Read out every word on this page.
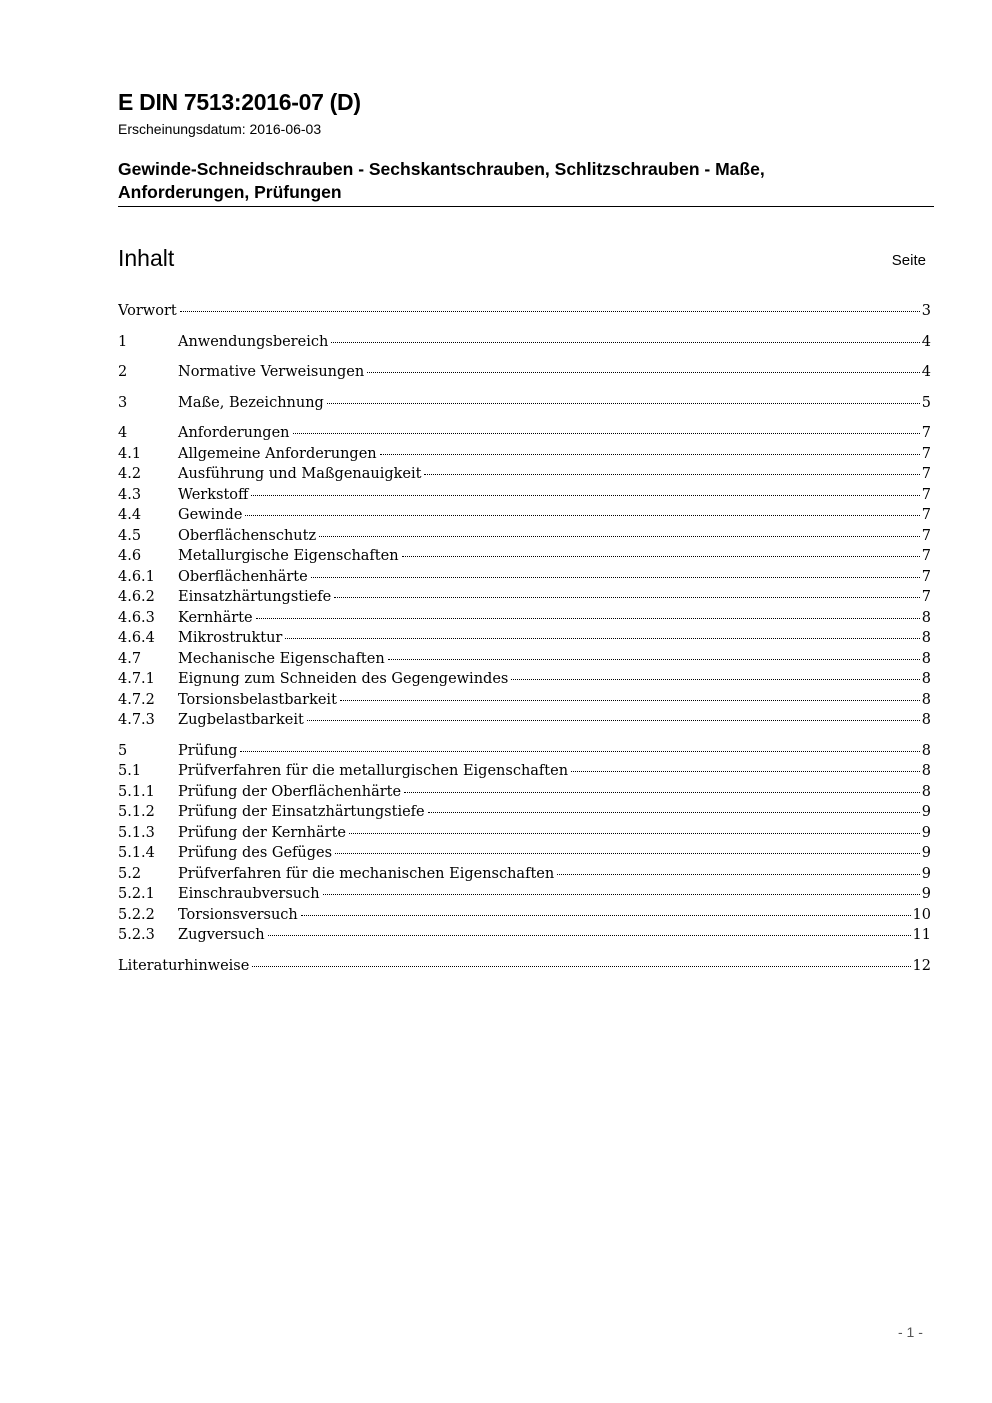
E DIN 7513:2016-07 (D)
Erscheinungsdatum: 2016-06-03
Gewinde-Schneidschrauben - Sechskantschrauben, Schlitzschrauben - Maße, Anforderungen, Prüfungen
Inhalt	Seite
Vorwort	3
1	Anwendungsbereich	4
2	Normative Verweisungen	4
3	Maße, Bezeichnung	5
4	Anforderungen	7
4.1	Allgemeine Anforderungen	7
4.2	Ausführung und Maßgenauigkeit	7
4.3	Werkstoff	7
4.4	Gewinde	7
4.5	Oberflächenschutz	7
4.6	Metallurgische Eigenschaften	7
4.6.1	Oberflächenhärte	7
4.6.2	Einsatzhärtungstiefe	7
4.6.3	Kernhärte	8
4.6.4	Mikrostruktur	8
4.7	Mechanische Eigenschaften	8
4.7.1	Eignung zum Schneiden des Gegengewindes	8
4.7.2	Torsionsbelastbarkeit	8
4.7.3	Zugbelastbarkeit	8
5	Prüfung	8
5.1	Prüfverfahren für die metallurgischen Eigenschaften	8
5.1.1	Prüfung der Oberflächenhärte	8
5.1.2	Prüfung der Einsatzhärtungstiefe	9
5.1.3	Prüfung der Kernhärte	9
5.1.4	Prüfung des Gefüges	9
5.2	Prüfverfahren für die mechanischen Eigenschaften	9
5.2.1	Einschraubversuch	9
5.2.2	Torsionsversuch	10
5.2.3	Zugversuch	11
Literaturhinweise	12
- 1 -
